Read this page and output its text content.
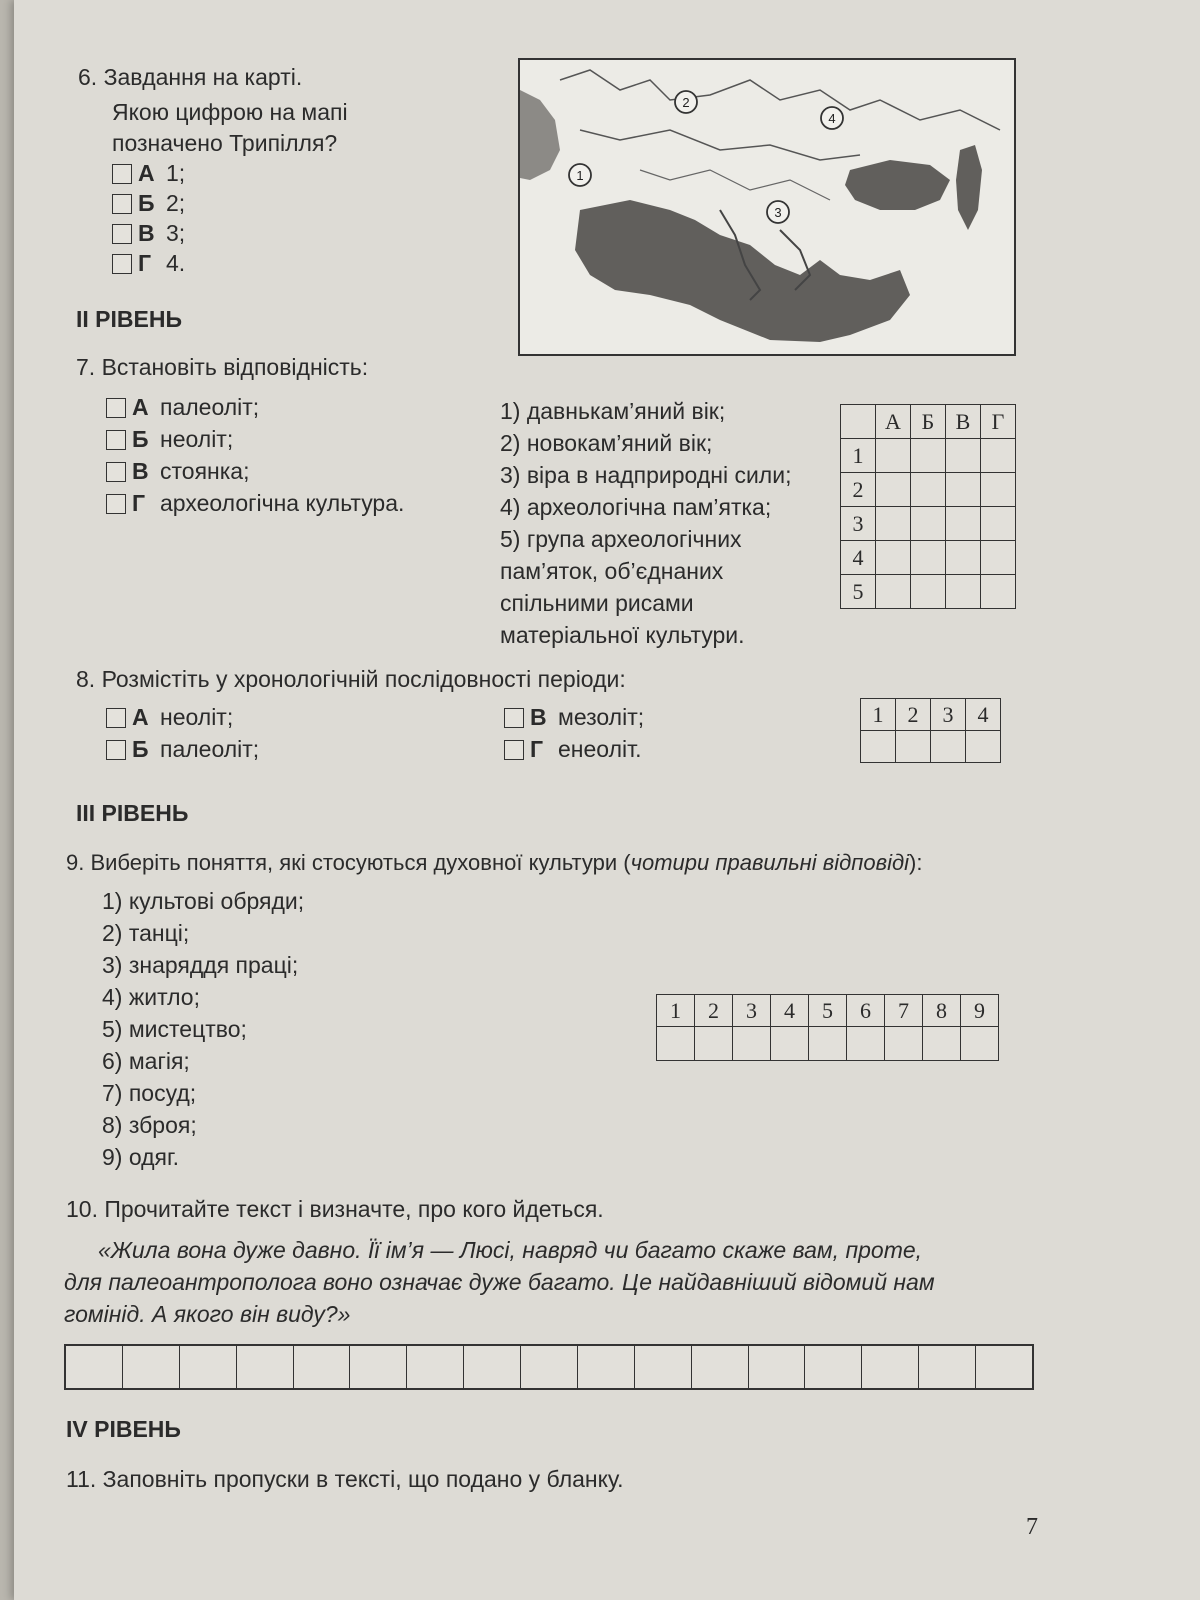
6. Завдання на карті.
Якою цифрою на мапі
позначено Трипілля?
А 1;
Б 2;
В 3;
Г 4.
1
2
3
4
ІІ РІВЕНЬ
7. Встановіть відповідність:
А палеоліт;
Б неоліт;
В стоянка;
Г археологічна культура.
1) давнькам’яний вік;
2) новокам’яний вік;
3) віра в надприродні сили;
4) археологічна пам’ятка;
5) група археологічних
пам’яток, об’єднаних
спільними рисами
матеріальної культури.
	А	Б	В	Г
1				
2				
3				
4				
5				
8. Розмістіть у хронологічній послідовності періоди:
А неоліт;
Б палеоліт;
В мезоліт;
Г енеоліт.
1	2	3	4

ІІІ РІВЕНЬ
9. Виберіть поняття, які стосуються духовної культури (чотири правильні відповіді):
1) культові обряди;
2) танці;
3) знаряддя праці;
4) житло;
5) мистецтво;
6) магія;
7) посуд;
8) зброя;
9) одяг.
1	2	3	4	5	6	7	8	9

10. Прочитайте текст і визначте, про кого йдеться.
«Жила вона дуже давно. Її ім’я — Люсі, навряд чи багато скаже вам, проте,
для палеоантрополога воно означає дуже багато. Це найдавніший відомий нам
гомінід. А якого він виду?»
ІV РІВЕНЬ
11. Заповніть пропуски в тексті, що подано у бланку.
7
